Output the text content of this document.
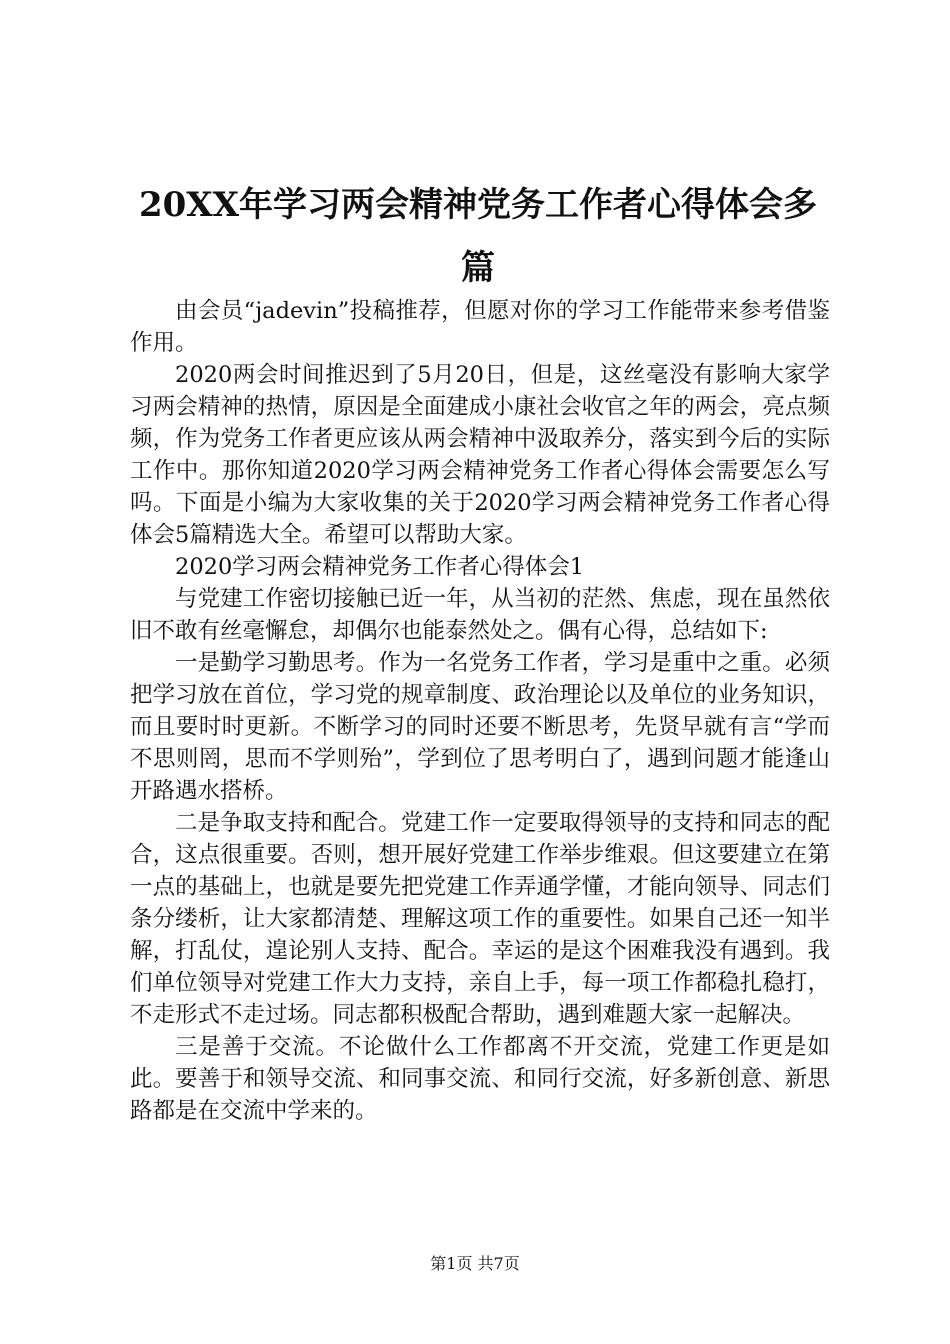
20XX年学习两会精神党务工作者心得体会多
篇

由会员“jadevin”投稿推荐，但愿对你的学习工作能带来参考借鉴作用。

2020两会时间推迟到了5月20日，但是，这丝毫没有影响大家学习两会精神的热情，原因是全面建成小康社会收官之年的两会，亮点频频，作为党务工作者更应该从两会精神中汲取养分，落实到今后的实际工作中。那你知道2020学习两会精神党务工作者心得体会需要怎么写吗。下面是小编为大家收集的关于2020学习两会精神党务工作者心得体会5篇精选大全。希望可以帮助大家。

2020学习两会精神党务工作者心得体会1

与党建工作密切接触已近一年，从当初的茫然、焦虑，现在虽然依旧不敢有丝毫懈怠，却偶尔也能泰然处之。偶有心得，总结如下:

一是勤学习勤思考。作为一名党务工作者，学习是重中之重。必须把学习放在首位，学习党的规章制度、政治理论以及单位的业务知识，而且要时时更新。不断学习的同时还要不断思考，先贤早就有言“学而不思则罔，思而不学则殆”，学到位了思考明白了，遇到问题才能逢山开路遇水搭桥。

二是争取支持和配合。党建工作一定要取得领导的支持和同志的配合，这点很重要。否则，想开展好党建工作举步维艰。但这要建立在第一点的基础上，也就是要先把党建工作弄通学懂，才能向领导、同志们条分缕析，让大家都清楚、理解这项工作的重要性。如果自己还一知半解，打乱仗，遑论别人支持、配合。幸运的是这个困难我没有遇到。我们单位领导对党建工作大力支持，亲自上手，每一项工作都稳扎稳打，不走形式不走过场。同志都积极配合帮助，遇到难题大家一起解决。

三是善于交流。不论做什么工作都离不开交流，党建工作更是如此。要善于和领导交流、和同事交流、和同行交流，好多新创意、新思路都是在交流中学来的。

第1页 共7页
